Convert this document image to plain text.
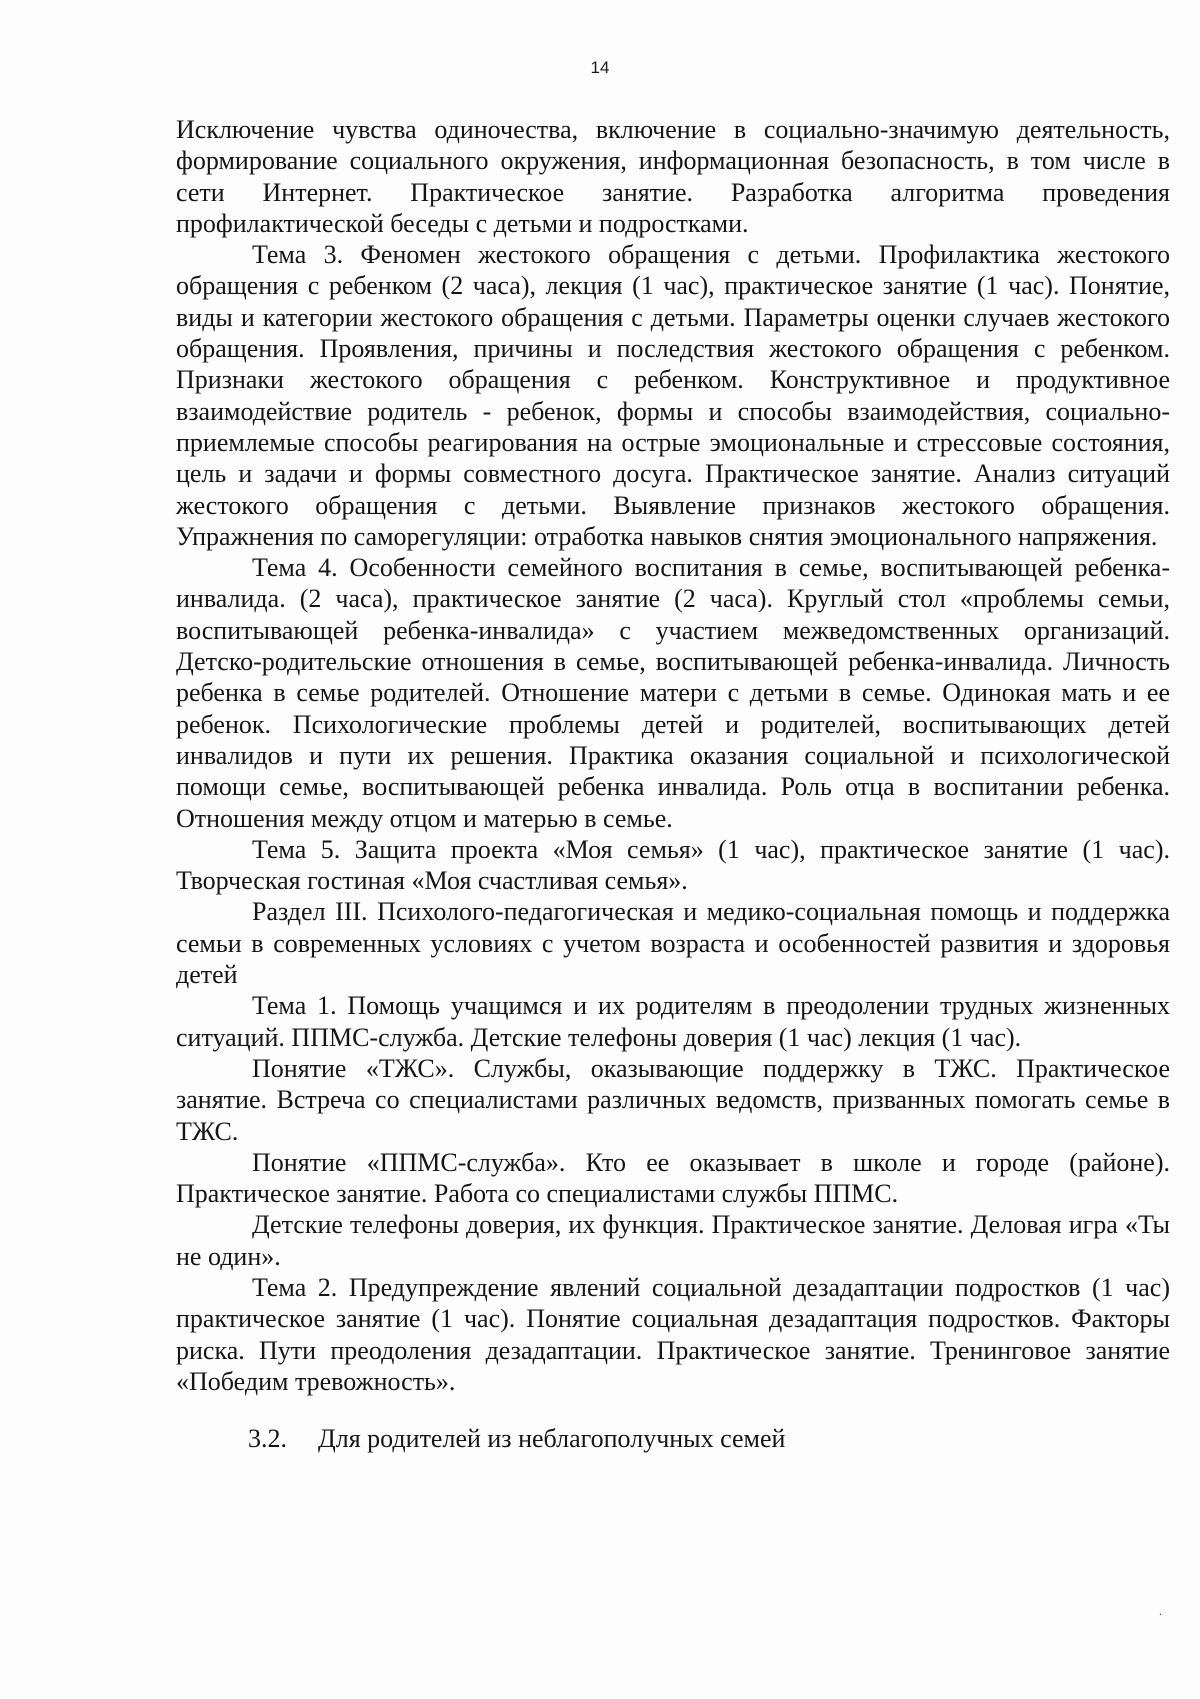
14

Исключение чувства одиночества, включение в социально-значимую деятельность, формирование социального окружения, информационная безопасность, в том числе в сети Интернет. Практическое занятие. Разработка алгоритма проведения профилактической беседы с детьми и подростками.

Тема 3. Феномен жестокого обращения с детьми. Профилактика жестокого обращения с ребенком (2 часа), лекция (1 час), практическое занятие (1 час). Понятие, виды и категории жестокого обращения с детьми. Параметры оценки случаев жестокого обращения. Проявления, причины и последствия жестокого обращения с ребенком. Признаки жестокого обращения с ребенком. Конструктивное и продуктивное взаимодействие родитель - ребенок, формы и способы взаимодействия, социально-приемлемые способы реагирования на острые эмоциональные и стрессовые состояния, цель и задачи и формы совместного досуга. Практическое занятие. Анализ ситуаций жестокого обращения с детьми. Выявление признаков жестокого обращения. Упражнения по саморегуляции: отработка навыков снятия эмоционального напряжения.

Тема 4. Особенности семейного воспитания в семье, воспитывающей ребенка-инвалида. (2 часа), практическое занятие (2 часа). Круглый стол «проблемы семьи, воспитывающей ребенка-инвалида» с участием межведомственных организаций. Детско-родительские отношения в семье, воспитывающей ребенка-инвалида. Личность ребенка в семье родителей. Отношение матери с детьми в семье. Одинокая мать и ее ребенок. Психологические проблемы детей и родителей, воспитывающих детей инвалидов и пути их решения. Практика оказания социальной и психологической помощи семье, воспитывающей ребенка инвалида. Роль отца в воспитании ребенка. Отношения между отцом и матерью в семье.

Тема 5. Защита проекта «Моя семья» (1 час), практическое занятие (1 час). Творческая гостиная «Моя счастливая семья».

Раздел III. Психолого-педагогическая и медико-социальная помощь и поддержка семьи в современных условиях с учетом возраста и особенностей развития и здоровья детей

Тема 1. Помощь учащимся и их родителям в преодолении трудных жизненных ситуаций. ППМС-служба. Детские телефоны доверия (1 час) лекция (1 час).

Понятие «ТЖС». Службы, оказывающие поддержку в ТЖС. Практическое занятие. Встреча со специалистами различных ведомств, призванных помогать семье в ТЖС.

Понятие «ППМС-служба». Кто ее оказывает в школе и городе (районе). Практическое занятие. Работа со специалистами службы ППМС.

Детские телефоны доверия, их функция. Практическое занятие. Деловая игра «Ты не один».

Тема 2. Предупреждение явлений социальной дезадаптации подростков (1 час) практическое занятие (1 час). Понятие социальная дезадаптация подростков. Факторы риска. Пути преодоления дезадаптации. Практическое занятие. Тренинговое занятие «Победим тревожность».

3.2. Для родителей из неблагополучных семей

·
